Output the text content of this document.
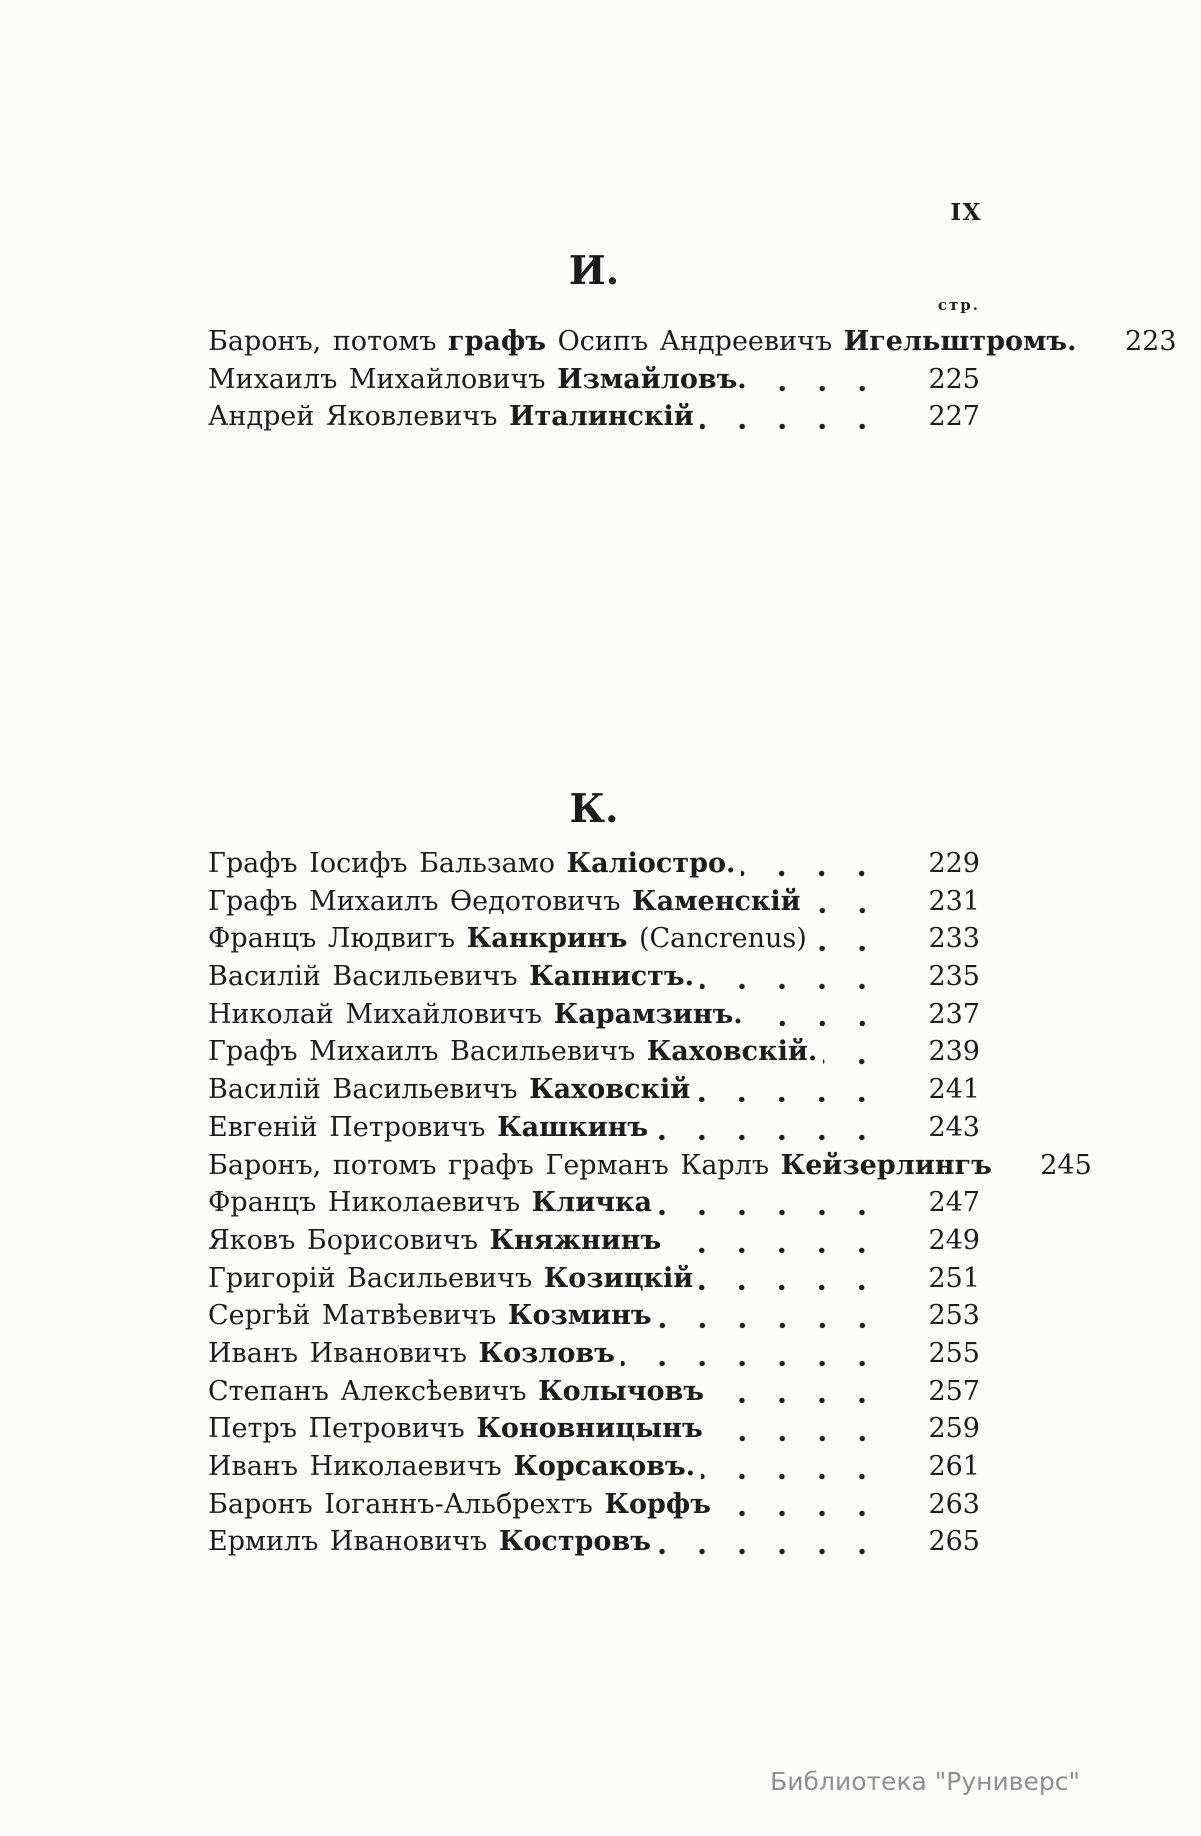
IX
И.
стр.
Баронъ, потомъ графъ Осипъ Андреевичъ Игельштромъ.	223
Михаилъ Михайловичъ Измайловъ.	225
Андрей Яковлевичъ Италинскій	227
К.
Графъ Іосифъ Бальзамо Каліостро.	229
Графъ Михаилъ Ѳедотовичъ Каменскій	231
Францъ Людвигъ Канкринъ (Cancrenus)	233
Василій Васильевичъ Капнистъ.	235
Николай Михайловичъ Карамзинъ.	237
Графъ Михаилъ Васильевичъ Каховскій.	239
Василій Васильевичъ Каховскій	241
Евгеній Петровичъ Кашкинъ	243
Баронъ, потомъ графъ Германъ Карлъ Кейзерлингъ	245
Францъ Николаевичъ Кличка	247
Яковъ Борисовичъ Княжнинъ	249
Григорій Васильевичъ Козицкій	251
Сергѣй Матвѣевичъ Козминъ	253
Иванъ Ивановичъ Козловъ	255
Степанъ Алексѣевичъ Колычовъ	257
Петръ Петровичъ Коновницынъ	259
Иванъ Николаевичъ Корсаковъ.	261
Баронъ Іоганнъ-Альбрехтъ Корфъ	263
Ермилъ Ивановичъ Костровъ	265
Библиотека "Руниверс"
